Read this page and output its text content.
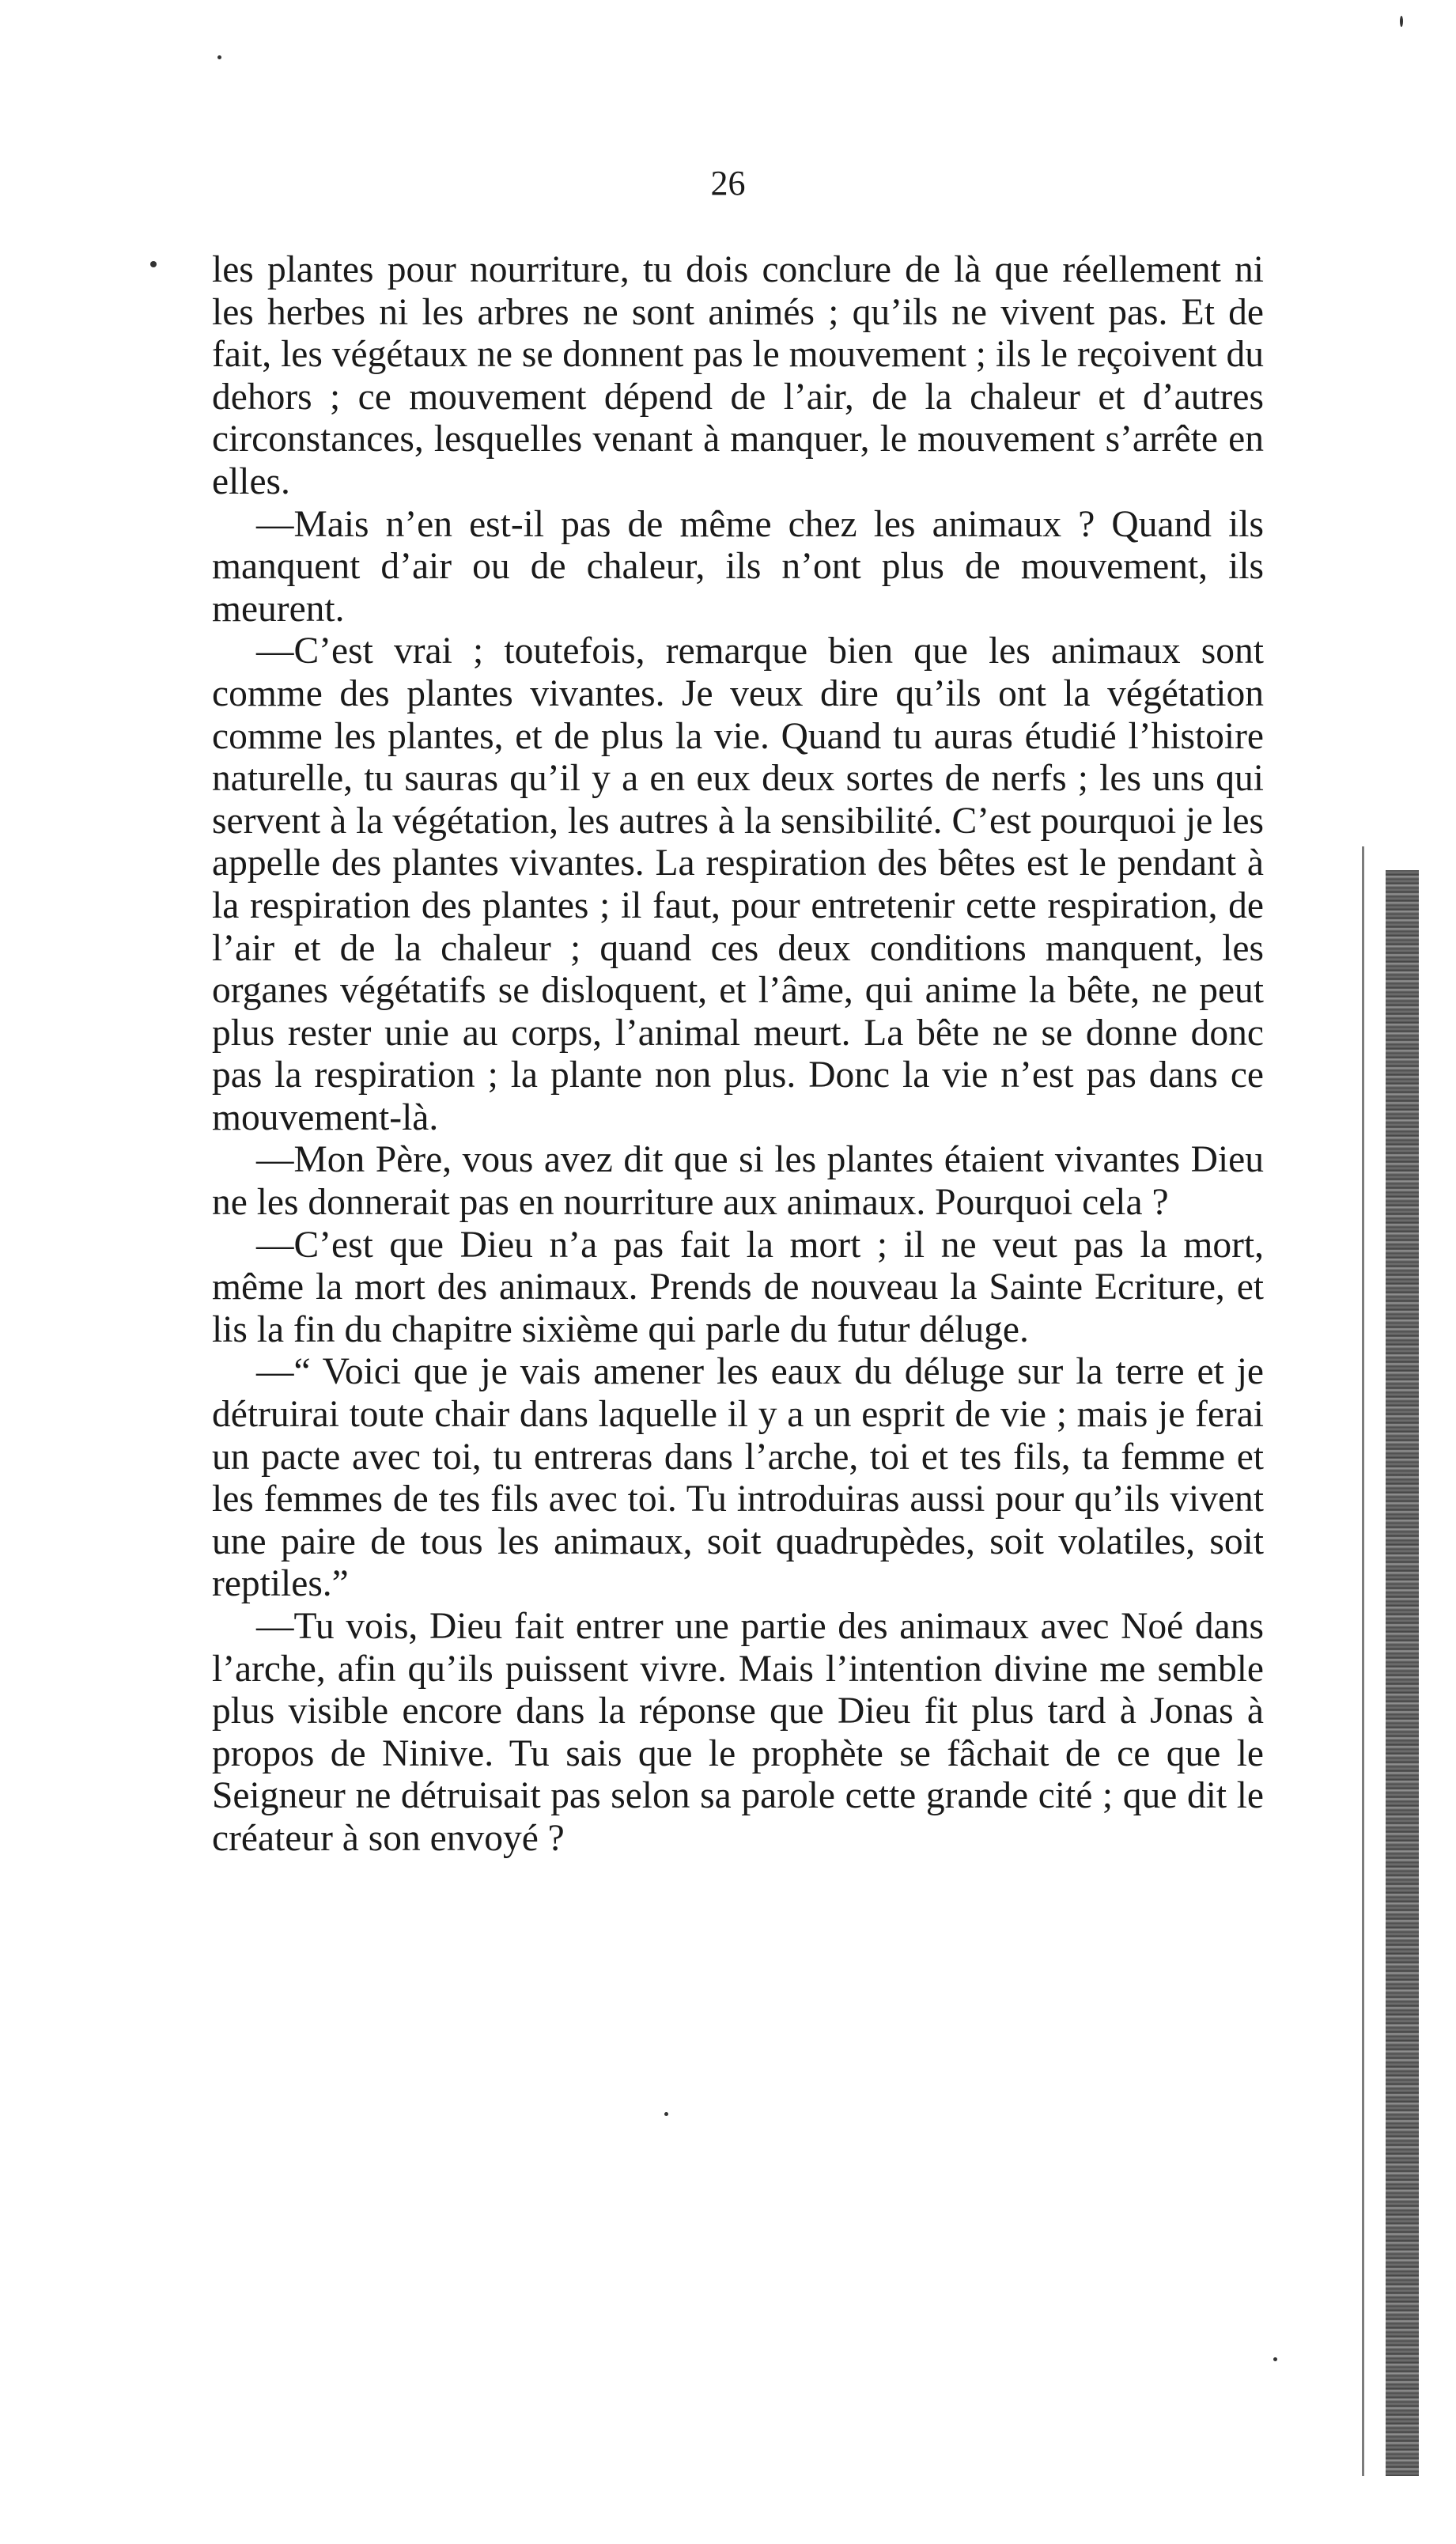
26

les plantes pour nourriture, tu dois conclure de là que réellement ni les herbes ni les arbres ne sont animés ; qu’ils ne vivent pas. Et de fait, les végétaux ne se donnent pas le mouvement ; ils le reçoivent du dehors ; ce mouvement dépend de l’air, de la chaleur et d’autres circonstances, lesquelles venant à manquer, le mouvement s’arrête en elles.

—Mais n’en est-il pas de même chez les animaux ? Quand ils manquent d’air ou de chaleur, ils n’ont plus de mouvement, ils meurent.

—C’est vrai ; toutefois, remarque bien que les animaux sont comme des plantes vivantes. Je veux dire qu’ils ont la végétation comme les plantes, et de plus la vie. Quand tu auras étudié l’histoire naturelle, tu sauras qu’il y a en eux deux sortes de nerfs ; les uns qui servent à la végétation, les autres à la sensibilité. C’est pourquoi je les appelle des plantes vivantes. La respiration des bêtes est le pendant à la respiration des plantes ; il faut, pour entretenir cette respiration, de l’air et de la chaleur ; quand ces deux conditions manquent, les organes végétatifs se disloquent, et l’âme, qui anime la bête, ne peut plus rester unie au corps, l’animal meurt. La bête ne se donne donc pas la respiration ; la plante non plus. Donc la vie n’est pas dans ce mouvement-là.

—Mon Père, vous avez dit que si les plantes étaient vivantes Dieu ne les donnerait pas en nourriture aux animaux. Pourquoi cela ?

—C’est que Dieu n’a pas fait la mort ; il ne veut pas la mort, même la mort des animaux. Prends de nouveau la Sainte Ecriture, et lis la fin du chapitre sixième qui parle du futur déluge.

—“ Voici que je vais amener les eaux du déluge sur la terre et je détruirai toute chair dans laquelle il y a un esprit de vie ; mais je ferai un pacte avec toi, tu entreras dans l’arche, toi et tes fils, ta femme et les femmes de tes fils avec toi. Tu introduiras aussi pour qu’ils vivent une paire de tous les animaux, soit quadrupèdes, soit volatiles, soit reptiles.”

—Tu vois, Dieu fait entrer une partie des animaux avec Noé dans l’arche, afin qu’ils puissent vivre. Mais l’intention divine me semble plus visible encore dans la réponse que Dieu fit plus tard à Jonas à propos de Ninive. Tu sais que le prophète se fâchait de ce que le Seigneur ne détruisait pas selon sa parole cette grande cité ; que dit le créateur à son envoyé ?
